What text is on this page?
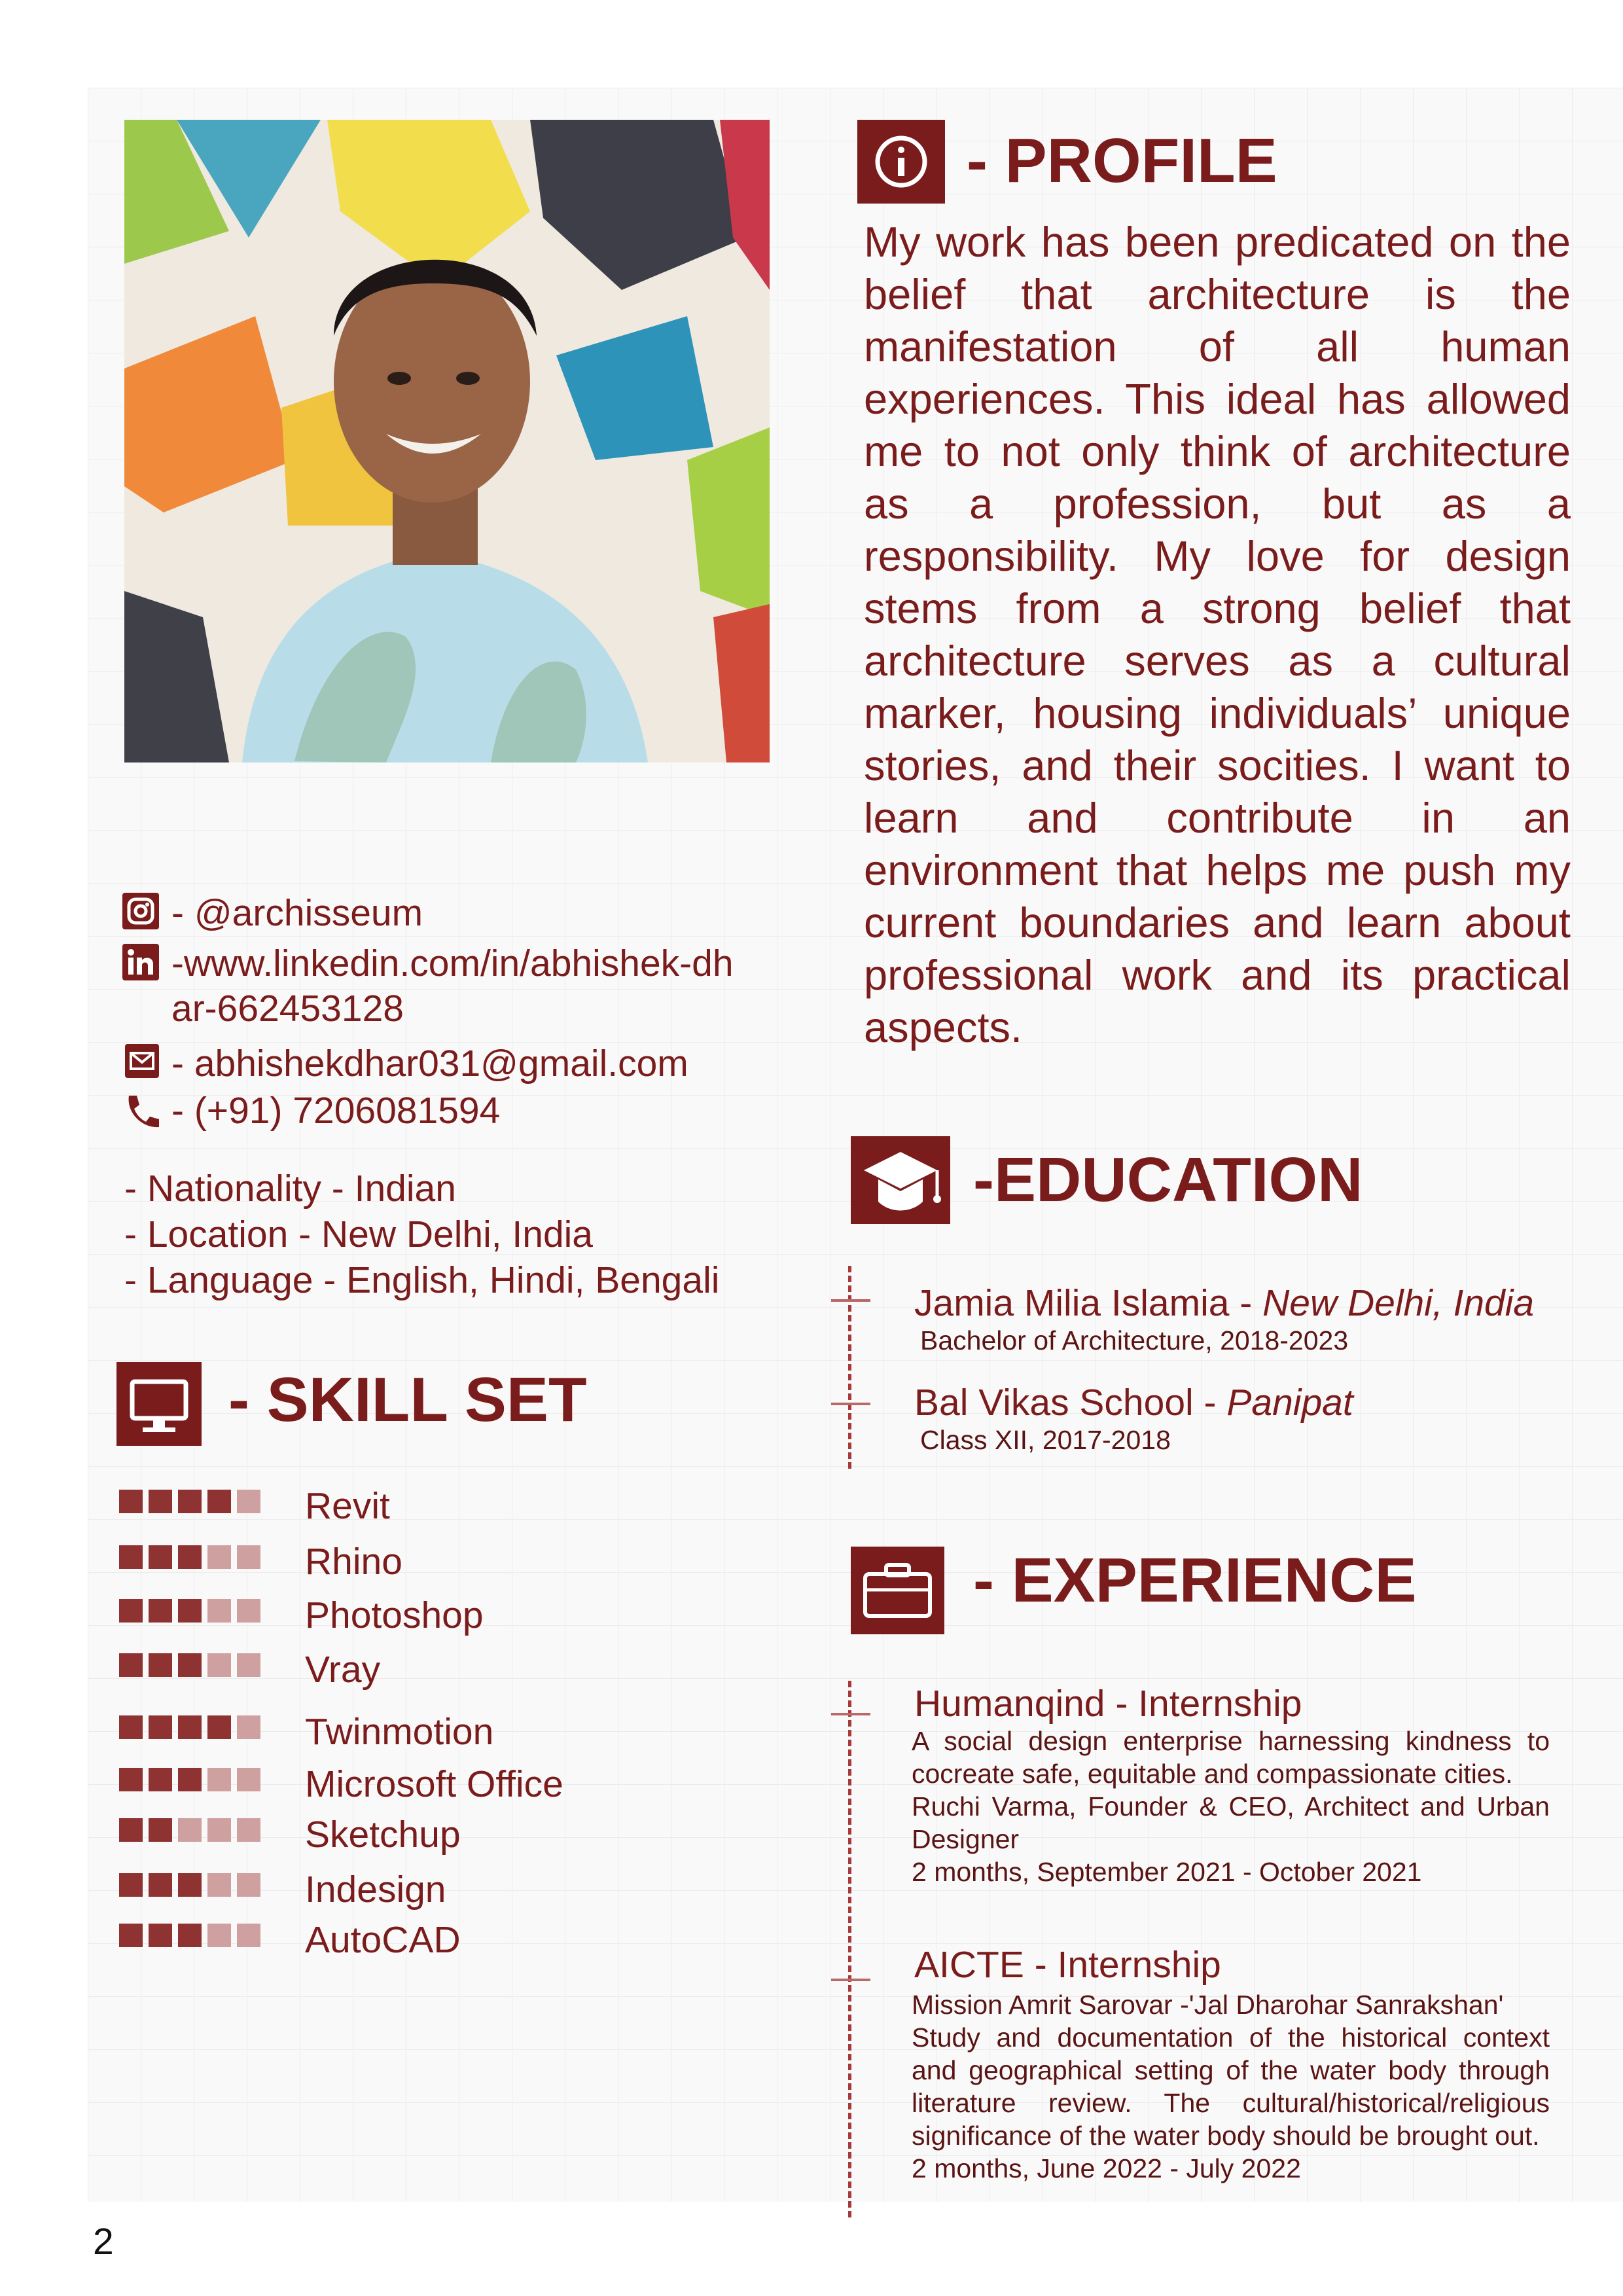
- PROFILE
My work has been predicated on the belief that architecture is the manifestation of all human experiences. This ideal has allowed me to not only think of architecture as a profession, but as a responsibility. My love for design stems from a strong belief that architecture serves as a cultural marker, housing individuals’ unique stories, and their socities. I want to learn and contribute in an environment that helps me push my current boundaries and learn about professional work and its practical aspects.
- @archisseum
-www.linkedin.com/in/abhishek-dh
ar-662453128
- abhishekdhar031@gmail.com
- (+91) 7206081594
- Nationality - Indian
- Location - New Delhi, India
- Language - English, Hindi, Bengali
- SKILL SET
Revit
Rhino
Photoshop
Vray
Twinmotion
Microsoft Office
Sketchup
Indesign
AutoCAD
-EDUCATION
Jamia Milia Islamia - New Delhi, India
Bachelor of Architecture, 2018-2023
Bal Vikas School - Panipat
Class XII, 2017-2018
- EXPERIENCE
Humanqind - Internship
A social design enterprise harnessing kindness to cocreate safe, equitable and compassionate cities.
Ruchi Varma, Founder & CEO, Architect and Urban Designer
2 months, September 2021 - October 2021
AICTE - Internship
Mission Amrit Sarovar -'Jal Dharohar Sanrakshan'
Study and documentation of the historical context and geographical setting of the water body through literature review. The cultural/historical/religious significance of the water body should be brought out.
2 months, June 2022 - July 2022
2
